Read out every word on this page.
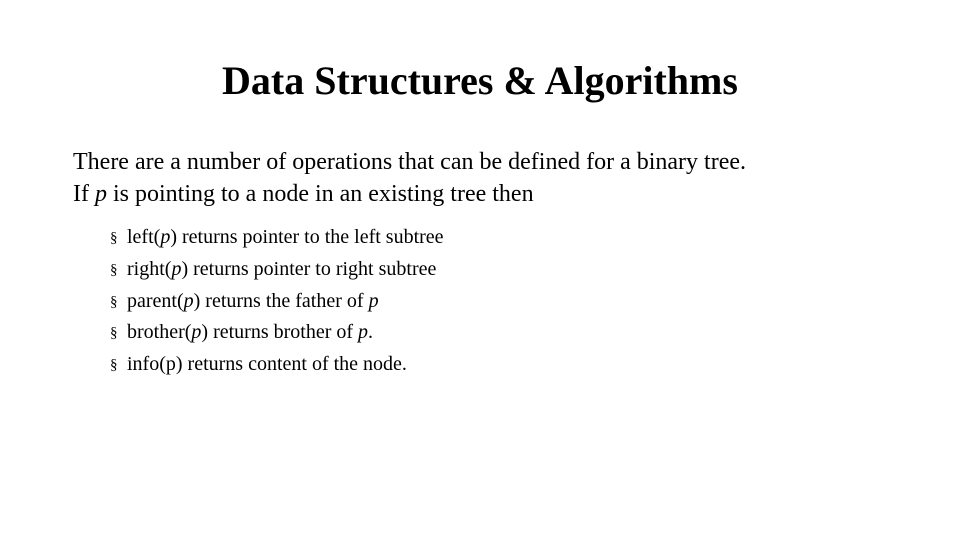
Data Structures & Algorithms

There are a number of operations that can be defined for a binary tree.

If p is pointing to a node in an existing tree then

§ left(p) returns pointer to the left subtree
§ right(p) returns pointer to right subtree
§ parent(p) returns the father of p
§ brother(p) returns brother of p.
§ info(p) returns content of the node.
